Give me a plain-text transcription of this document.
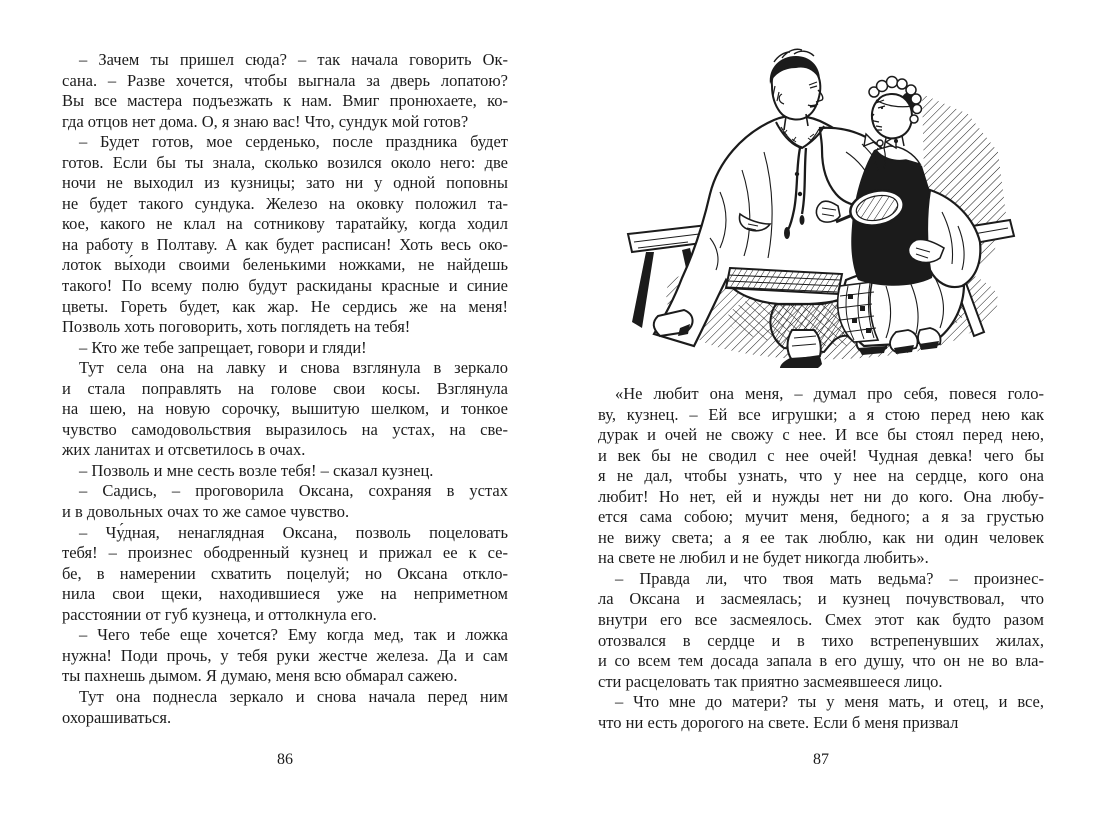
– Зачем ты пришел сюда? – так начала говорить Ок-
сана. – Разве хочется, чтобы выгнала за дверь лопатою?
Вы все мастера подъезжать к нам. Вмиг пронюхаете, ко-
гда отцов нет дома. О, я знаю вас! Что, сундук мой готов?
– Будет готов, мое серденько, после праздника будет
готов. Если бы ты знала, сколько возился около него: две
ночи не выходил из кузницы; зато ни у одной поповны
не будет такого сундука. Железо на оковку положил та-
кое, какого не клал на сотникову таратайку, когда ходил
на работу в Полтаву. А как будет расписан! Хоть весь око-
лоток вы́ходи своими беленькими ножками, не найдешь
такого! По всему полю будут раскиданы красные и синие
цветы. Гореть будет, как жар. Не сердись же на меня!
Позволь хоть поговорить, хоть поглядеть на тебя!
– Кто же тебе запрещает, говори и гляди!
Тут села она на лавку и снова взглянула в зеркало
и стала поправлять на голове свои косы. Взглянула
на шею, на новую сорочку, вышитую шелком, и тонкое
чувство самодовольствия выразилось на устах, на све-
жих ланитах и отсветилось в очах.
– Позволь и мне сесть возле тебя! – сказал кузнец.
– Садись, – проговорила Оксана, сохраняя в устах
и в довольных очах то же самое чувство.
– Чу́дная, ненаглядная Оксана, позволь поцеловать
тебя! – произнес ободренный кузнец и прижал ее к се-
бе, в намерении схватить поцелуй; но Оксана откло-
нила свои щеки, находившиеся уже на неприметном
расстоянии от губ кузнеца, и оттолкнула его.
– Чего тебе еще хочется? Ему когда мед, так и ложка
нужна! Поди прочь, у тебя руки жестче железа. Да и сам
ты пахнешь дымом. Я думаю, меня всю обмарал сажею.
Тут она поднесла зеркало и снова начала перед ним
охорашиваться.
86
«Не любит она меня, – думал про себя, повеся голо-
ву, кузнец. – Ей все игрушки; а я стою перед нею как
дурак и очей не свожу с нее. И все бы стоял перед нею,
и век бы не сводил с нее очей! Чудная девка! чего бы
я не дал, чтобы узнать, что у нее на сердце, кого она
любит! Но нет, ей и нужды нет ни до кого. Она любу-
ется сама собою; мучит меня, бедного; а я за грустью
не вижу света; а я ее так люблю, как ни один человек
на свете не любил и не будет никогда любить».
– Правда ли, что твоя мать ведьма? – произнес-
ла Оксана и засмеялась; и кузнец почувствовал, что
внутри его все засмеялось. Смех этот как будто разом
отозвался в сердце и в тихо встрепенувших жилах,
и со всем тем досада запала в его душу, что он не во вла-
сти расцеловать так приятно засмеявшееся лицо.
– Что мне до матери? ты у меня мать, и отец, и все,
что ни есть дорогого на свете. Если б меня призвал
87
